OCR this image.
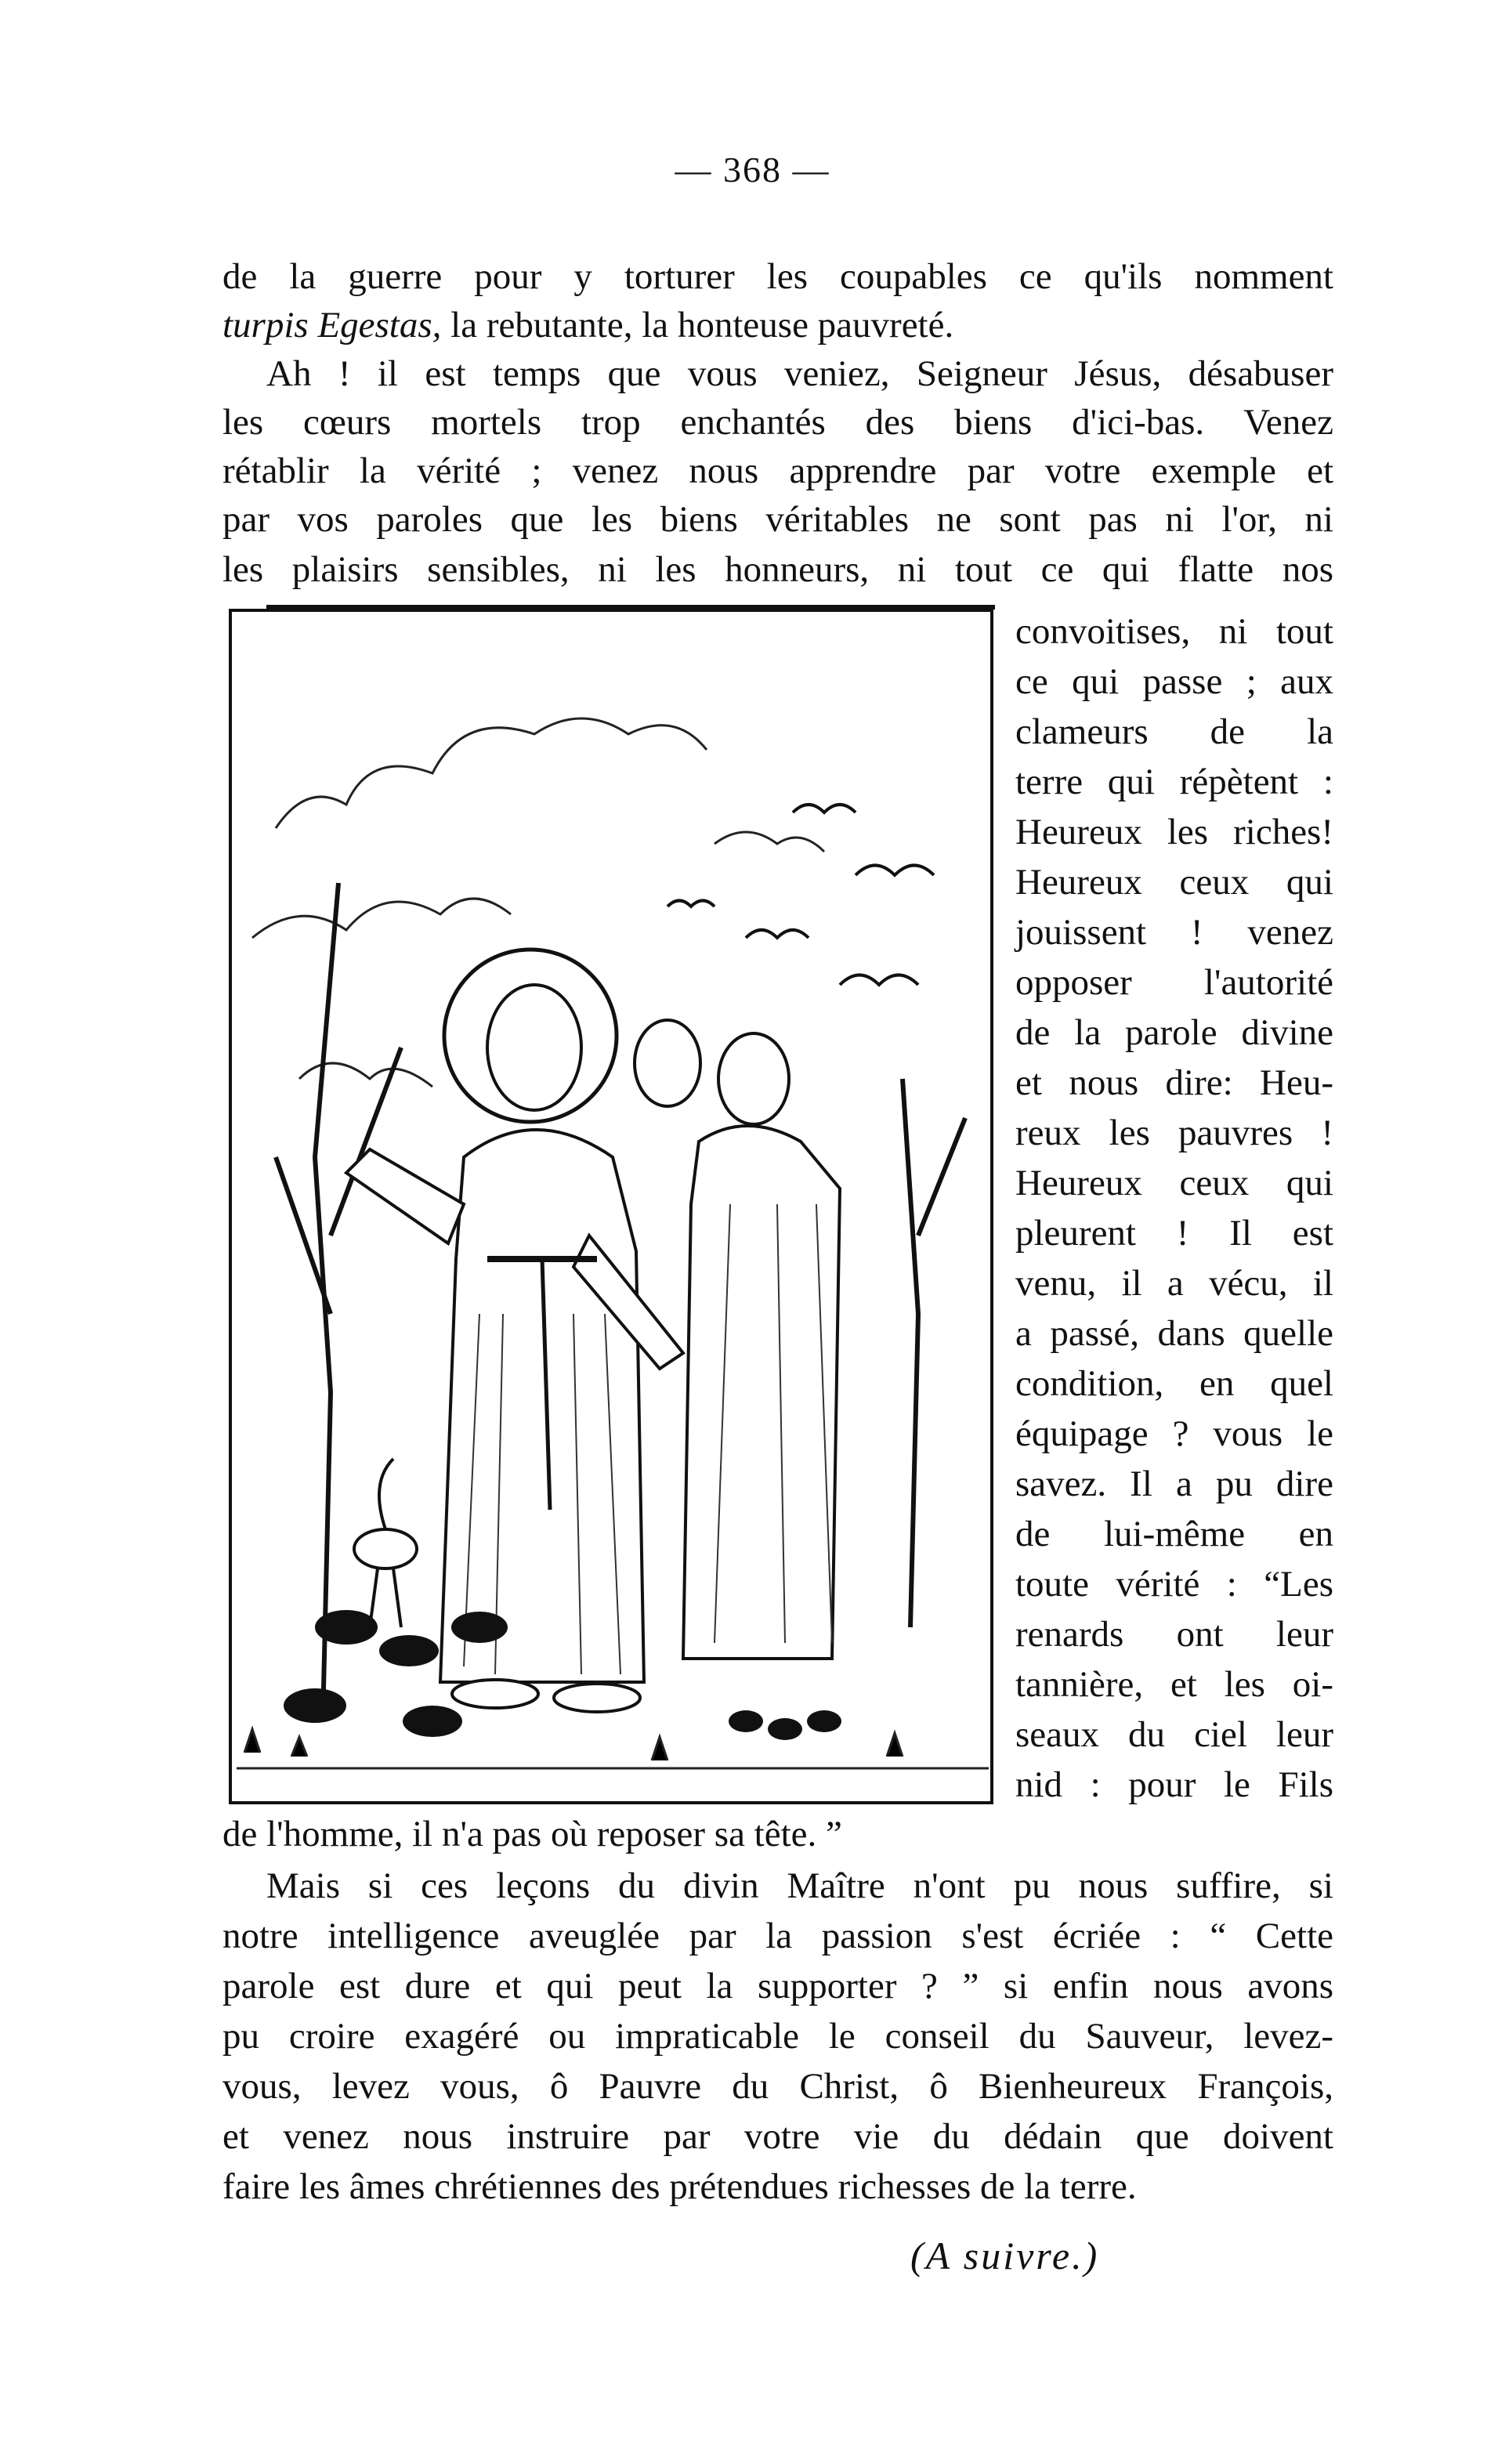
— 368 —
de la guerre pour y torturer les coupables ce qu'ils nomment
turpis Egestas, la rebutante, la honteuse pauvreté.
Ah ! il est temps que vous veniez, Seigneur Jésus, désabuser
les cœurs mortels trop enchantés des biens d'ici-bas. Venez
rétablir la vérité ; venez nous apprendre par votre exemple et
par vos paroles que les biens véritables ne sont pas ni l'or, ni
les plaisirs sensibles, ni les honneurs, ni tout ce qui flatte nos
convoitises, ni tout
ce qui passe ; aux
clameurs de la
terre qui répètent :
Heureux les riches!
Heureux ceux qui
jouissent ! venez
opposer l'autorité
de la parole divine
et nous dire: Heu-
reux les pauvres !
Heureux ceux qui
pleurent ! Il est
venu, il a vécu, il
a passé, dans quelle
condition, en quel
équipage ? vous le
savez. Il a pu dire
de lui-même en
toute vérité : “Les
renards ont leur
tannière, et les oi-
seaux du ciel leur
nid : pour le Fils
de l'homme, il n'a pas où reposer sa tête. ”
Mais si ces leçons du divin Maître n'ont pu nous suffire, si
notre intelligence aveuglée par la passion s'est écriée : “ Cette
parole est dure et qui peut la supporter ? ” si enfin nous avons
pu croire exagéré ou impraticable le conseil du Sauveur, levez-
vous, levez vous, ô Pauvre du Christ, ô Bienheureux François,
et venez nous instruire par votre vie du dédain que doivent
faire les âmes chrétiennes des prétendues richesses de la terre.
(A suivre.)
